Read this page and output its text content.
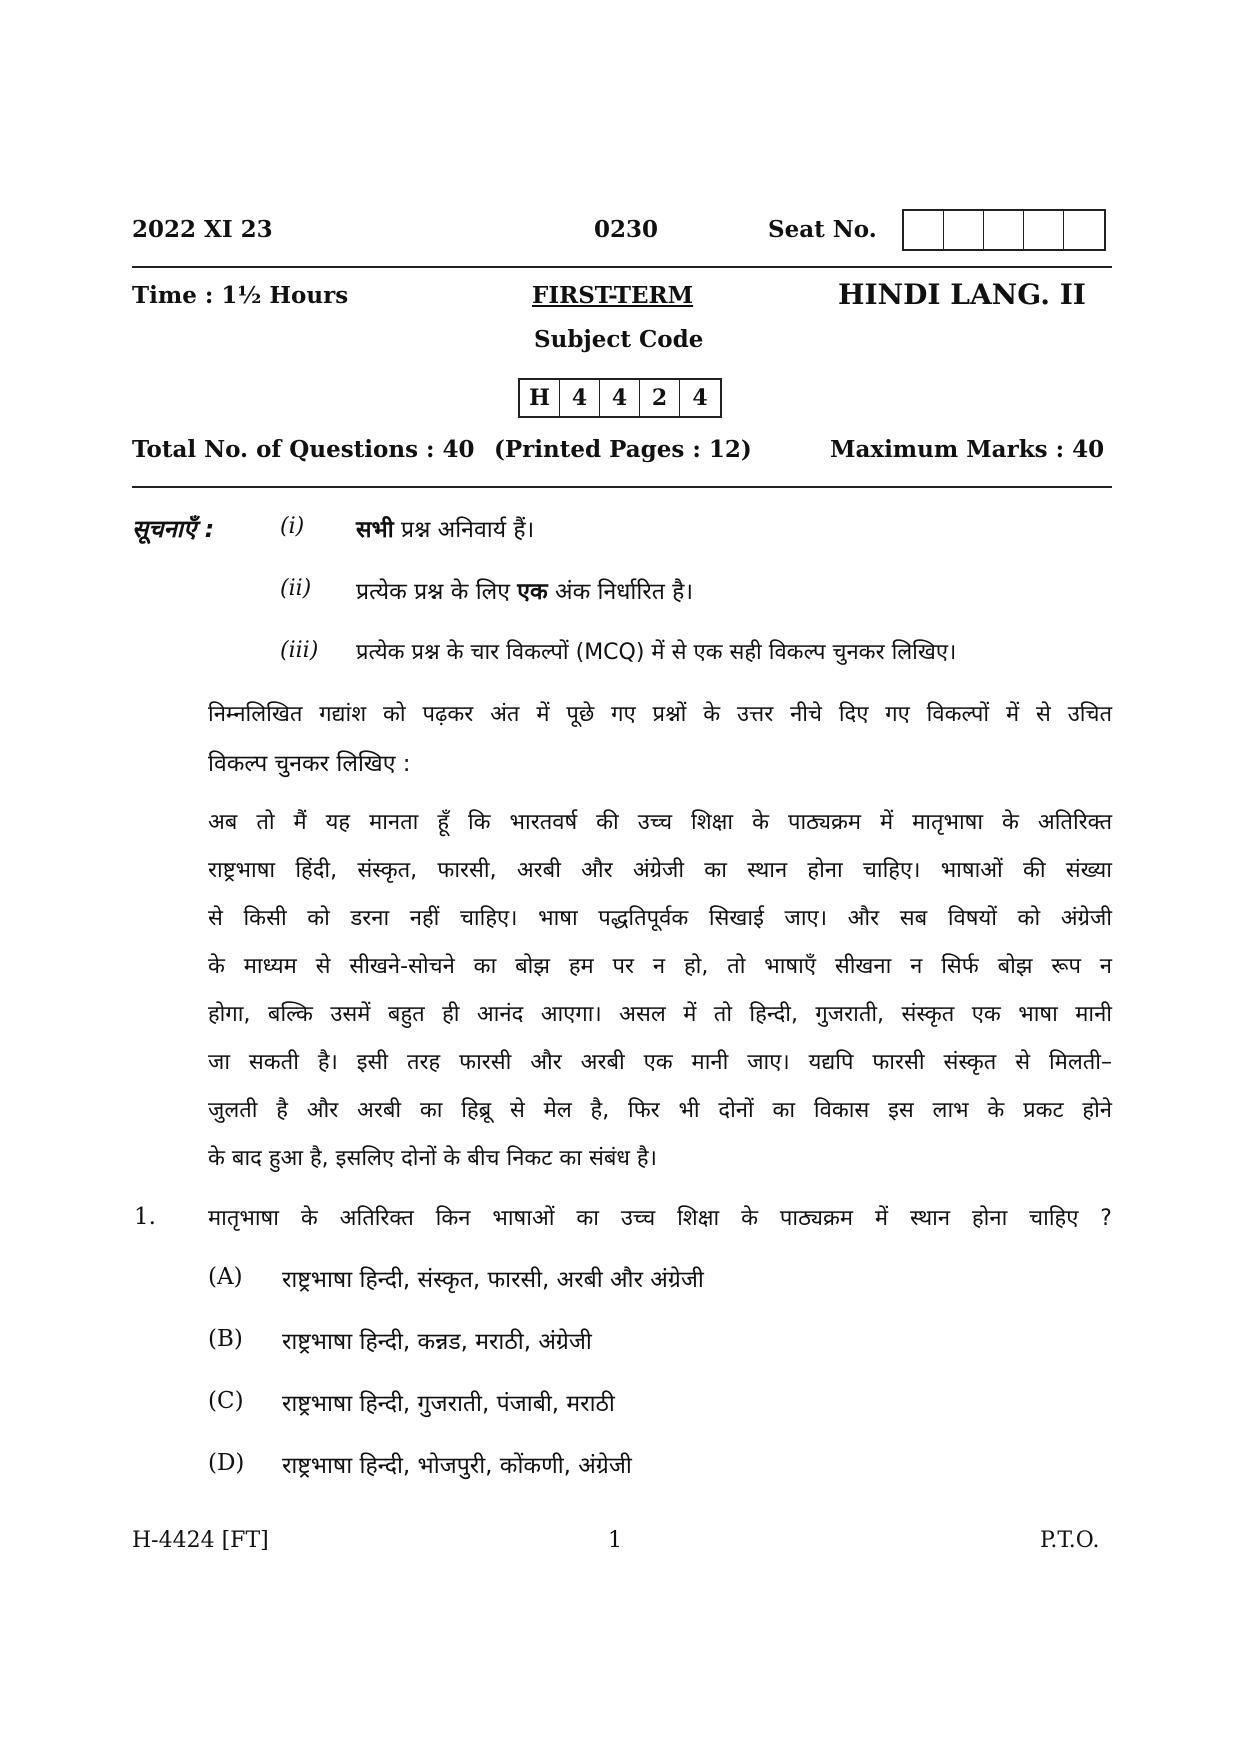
2022 XI 23	0230	Seat No.
Time : 1½ Hours	FIRST-TERM	HINDI LANG. II
Subject Code
H 4	4	2	4
Total No. of Questions : 40 (Printed Pages : 12)	Maximum Marks : 40
सूचनाएँ :	(i) सभी प्रश्न अनिवार्य हैं।
(ii) प्रत्येक प्रश्न के लिए एक अंक निर्धारित है।
(iii) प्रत्येक प्रश्न के चार विकल्पों (MCQ) में से एक सही विकल्प चुनकर लिखिए।
निम्नलिखित गद्यांश को पढ़कर अंत में पूछे गए प्रश्नों के उत्तर नीचे दिए गए विकल्पों में से उचित
विकल्प चुनकर लिखिए :
अब तो मैं यह मानता हूँ कि भारतवर्ष की उच्च शिक्षा के पाठ्यक्रम में मातृभाषा के अतिरिक्त
राष्ट्रभाषा हिंदी, संस्कृत, फारसी, अरबी और अंग्रेजी का स्थान होना चाहिए। भाषाओं की संख्या
से किसी को डरना नहीं चाहिए। भाषा पद्धतिपूर्वक सिखाई जाए। और सब विषयों को अंग्रेजी
के माध्यम से सीखने-सोचने का बोझ हम पर न हो, तो भाषाएँ सीखना न सिर्फ बोझ रूप न
होगा, बल्कि उसमें बहुत ही आनंद आएगा। असल में तो हिन्दी, गुजराती, संस्कृत एक भाषा मानी
जा सकती है। इसी तरह फारसी और अरबी एक मानी जाए। यद्यपि फारसी संस्कृत से मिलती–
जुलती है और अरबी का हिब्रू से मेल है, फिर भी दोनों का विकास इस लाभ के प्रकट होने
के बाद हुआ है, इसलिए दोनों के बीच निकट का संबंध है।
1. मातृभाषा के अतिरिक्त किन भाषाओं का उच्च शिक्षा के पाठ्यक्रम में स्थान होना चाहिए ?
(A) राष्ट्रभाषा हिन्दी, संस्कृत, फारसी, अरबी और अंग्रेजी
(B) राष्ट्रभाषा हिन्दी, कन्नड, मराठी, अंग्रेजी
(C) राष्ट्रभाषा हिन्दी, गुजराती, पंजाबी, मराठी
(D) राष्ट्रभाषा हिन्दी, भोजपुरी, कोंकणी, अंग्रेजी
H-4424 [FT]	1	P.T.O.
